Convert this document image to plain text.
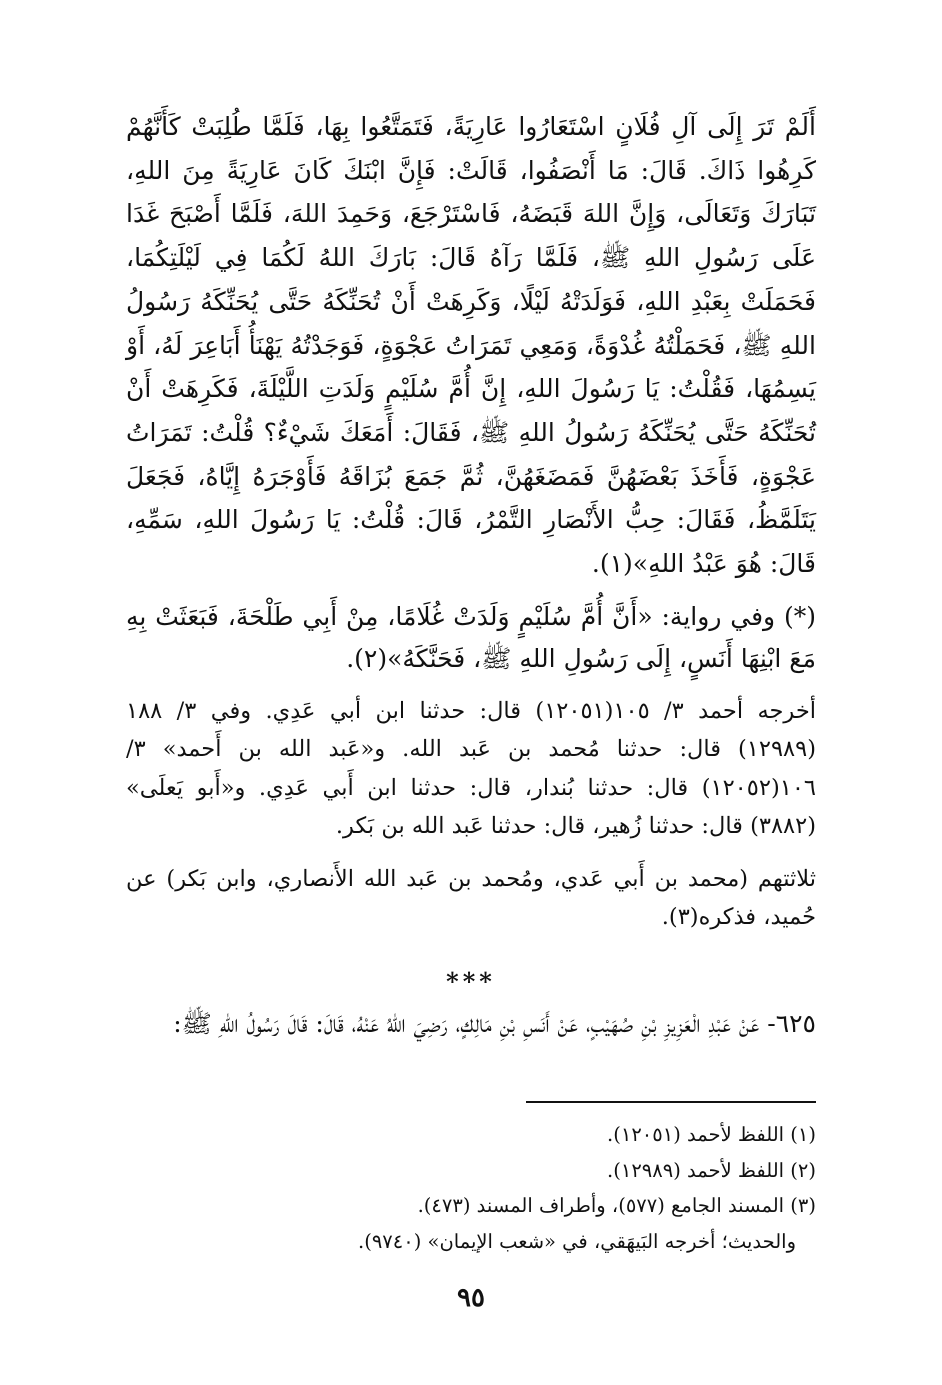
أَلَمْ تَرَ إِلَى آلِ فُلَانٍ اسْتَعَارُوا عَارِيَةً، فَتَمَتَّعُوا بِهَا، فَلَمَّا طُلِبَتْ كَأَنَّهُمْ كَرِهُوا ذَاكَ. قَالَ: مَا أَنْصَفُوا، قَالَتْ: فَإِنَّ ابْنَكَ كَانَ عَارِيَةً مِنَ اللهِ، تَبَارَكَ وَتَعَالَى، وَإِنَّ اللهَ قَبَضَهُ، فَاسْتَرْجَعَ، وَحَمِدَ اللهَ، فَلَمَّا أَصْبَحَ غَدَا عَلَى رَسُولِ اللهِ ﷺ، فَلَمَّا رَآهُ قَالَ: بَارَكَ اللهُ لَكُمَا فِي لَيْلَتِكُمَا، فَحَمَلَتْ بِعَبْدِ اللهِ، فَوَلَدَتْهُ لَيْلًا، وَكَرِهَتْ أَنْ تُحَنِّكَهُ حَتَّى يُحَنِّكَهُ رَسُولُ اللهِ ﷺ، فَحَمَلْتُهُ غُدْوَةً، وَمَعِي تَمَرَاتُ عَجْوَةٍ، فَوَجَدْتُهُ يَهْنَأُ أَبَاعِرَ لَهُ، أَوْ يَسِمُهَا، فَقُلْتُ: يَا رَسُولَ اللهِ، إِنَّ أُمَّ سُلَيْمٍ وَلَدَتِ اللَّيْلَةَ، فَكَرِهَتْ أَنْ تُحَنِّكَهُ حَتَّى يُحَنِّكَهُ رَسُولُ اللهِ ﷺ، فَقَالَ: أَمَعَكَ شَيْءٌ؟ قُلْتُ: تَمَرَاتُ عَجْوَةٍ، فَأَخَذَ بَعْضَهُنَّ فَمَضَغَهُنَّ، ثُمَّ جَمَعَ بُزَاقَهُ فَأَوْجَرَهُ إِيَّاهُ، فَجَعَلَ يَتَلَمَّظُ، فَقَالَ: حِبُّ الأَنْصَارِ التَّمْرُ، قَالَ: قُلْتُ: يَا رَسُولَ اللهِ، سَمِّهِ، قَالَ: هُوَ عَبْدُ اللهِ»(١).

(*) وفي رواية: «أَنَّ أُمَّ سُلَيْمٍ وَلَدَتْ غُلَامًا، مِنْ أَبِي طَلْحَةَ، فَبَعَثَتْ بِهِ مَعَ ابْنِهَا أَنَسٍ، إِلَى رَسُولِ اللهِ ﷺ، فَحَنَّكَهُ»(٢).

أخرجه أحمد ٣/ ١٠٥(١٢٠٥١) قال: حدثنا ابن أبي عَدِي. وفي ٣/ ١٨٨ (١٢٩٨٩) قال: حدثنا مُحمد بن عَبد الله. و«عَبد الله بن أَحمد» ٣/ ١٠٦(١٢٠٥٢) قال: حدثنا بُندار، قال: حدثنا ابن أَبي عَدِي. و«أَبو يَعلَى» (٣٨٨٢) قال: حدثنا زُهير، قال: حدثنا عَبد الله بن بَكر.

ثلاثتهم (محمد بن أَبي عَدي، ومُحمد بن عَبد الله الأَنصاري، وابن بَكر) عن حُميد، فذكره(٣).

***

٦٢٥- عَنْ عَبْدِ الْعَزِيزِ بْنِ صُهَيْبٍ، عَنْ أَنَسِ بْنِ مَالِكٍ، رَضِيَ اللهُ عَنْهُ، قَالَ: قَالَ رَسُولُ اللهِ ﷺ:

(١) اللفظ لأحمد (١٢٠٥١).

(٢) اللفظ لأحمد (١٢٩٨٩).

(٣) المسند الجامع (٥٧٧)، وأطراف المسند (٤٧٣).

والحديث؛ أخرجه البَيهَقي، في «شعب الإيمان» (٩٧٤٠).

٩٥
